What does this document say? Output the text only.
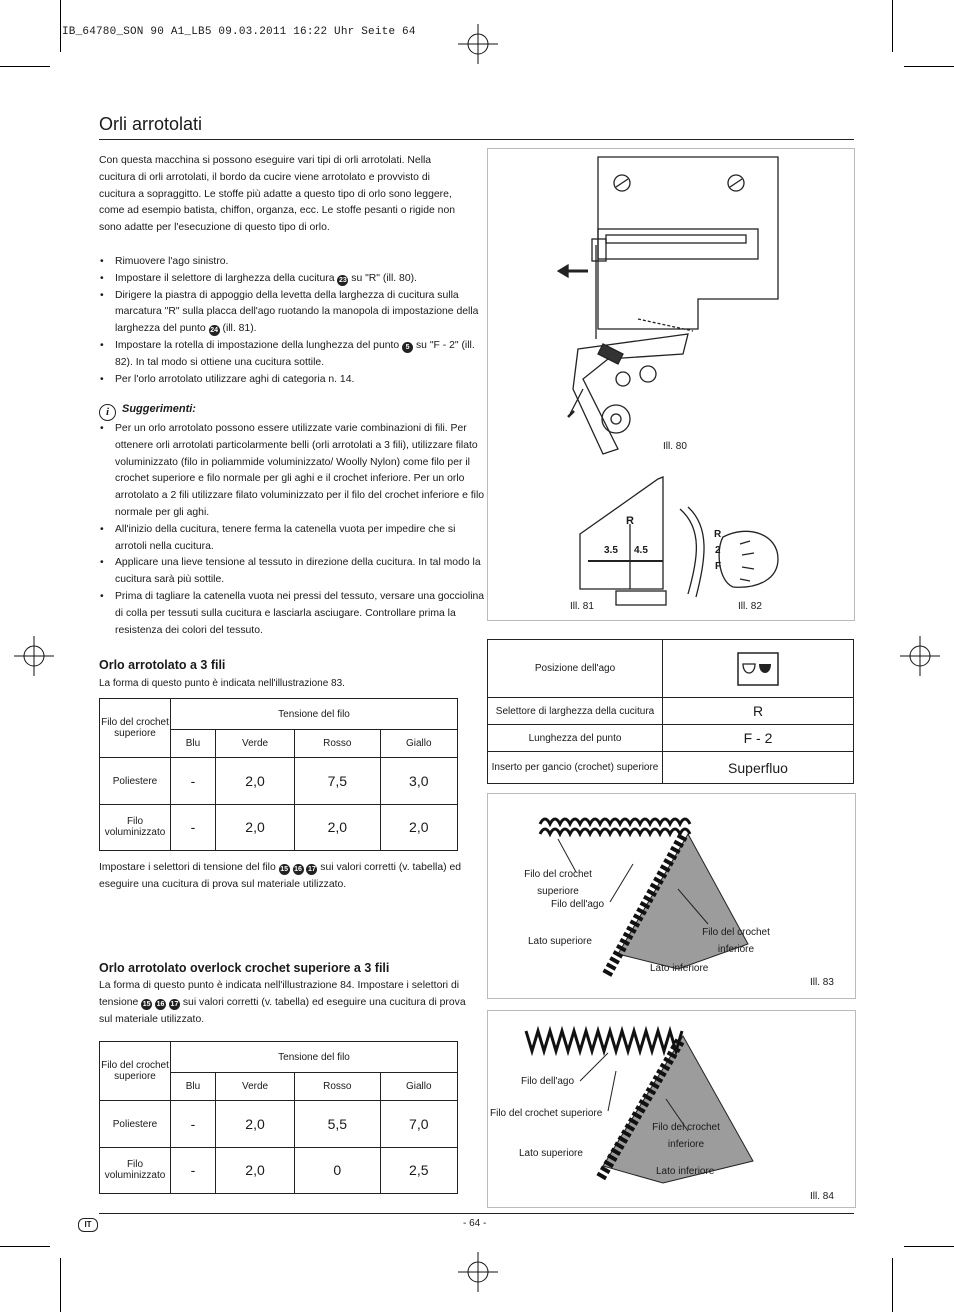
IB_64780_SON 90 A1_LB5 09.03.2011 16:22 Uhr Seite 64
Orli arrotolati
Con questa macchina si possono eseguire vari tipi di orli arrotolati. Nella cucitura di orli arrotolati, il bordo da cucire viene arrotolato e provvisto di cucitura a sopraggitto. Le stoffe più adatte a questo tipo di orlo sono leggere, come ad esempio batista, chiffon, organza, ecc. Le stoffe pesanti o rigide non sono adatte per l'esecuzione di questo tipo di orlo.
• Rimuovere l'ago sinistro.
• Impostare il selettore di larghezza della cucitura 23 su "R" (ill. 80).
• Dirigere la piastra di appoggio della levetta della larghezza di cucitura sulla marcatura "R" sulla placca dell'ago ruotando la manopola di impostazione della larghezza del punto 24 (ill. 81).
• Impostare la rotella di impostazione della lunghezza del punto 5 su "F - 2" (ill. 82). In tal modo si ottiene una cucitura sottile.
• Per l'orlo arrotolato utilizzare aghi di categoria n. 14.
i Suggerimenti:
• Per un orlo arrotolato possono essere utilizzate varie combinazioni di fili. Per ottenere orli arrotolati particolarmente belli (orli arrotolati a 3 fili), utilizzare filato voluminizzato (filo in poliammide voluminizzato/ Woolly Nylon) come filo per il crochet superiore e filo normale per gli aghi e il crochet inferiore. Per un orlo arrotolato a 2 fili utilizzare filato voluminizzato per il filo del crochet inferiore e filo normale per gli aghi.
• All'inizio della cucitura, tenere ferma la catenella vuota per impedire che si arrotoli nella cucitura.
• Applicare una lieve tensione al tessuto in direzione della cucitura. In tal modo la cucitura sarà più sottile.
• Prima di tagliare la catenella vuota nei pressi del tessuto, versare una gocciolina di colla per tessuti sulla cucitura e lasciarla asciugare. Controllare prima la resistenza dei colori del tessuto.
Orlo arrotolato a 3 fili
La forma di questo punto è indicata nell'illustrazione 83.
Filo del crochet superiore	Tensione del filo			
	Blu	Verde	Rosso	Giallo
Poliestere	-	2,0	7,5	3,0
Filo voluminizzato	-	2,0	2,0	2,0
Impostare i selettori di tensione del filo 15 16 17 sui valori corretti (v. tabella) ed eseguire una cucitura di prova sul materiale utilizzato.
Orlo arrotolato overlock crochet superiore a 3 fili
La forma di questo punto è indicata nell'illustrazione 84. Impostare i selettori di tensione 15 16 17 sui valori corretti (v. tabella) ed eseguire una cucitura di prova sul materiale utilizzato.
Filo del crochet superiore	Tensione del filo			
	Blu	Verde	Rosso	Giallo
Poliestere	-	2,0	5,5	7,0
Filo voluminizzato	-	2,0	0	2,5
Ill. 80
R
3.5 4.5
R
2
F
Ill. 81	Ill. 82
Posizione dell'ago	

Selettore di larghezza della cucitura	R
Lunghezza del punto	F - 2
Inserto per gancio (crochet) superiore	Superfluo
Filo del crochet superiore
Filo dell'ago
Lato superiore
Filo del crochet inferiore
Lato inferiore
Ill. 83
Filo dell'ago
Filo del crochet superiore
Lato superiore
Filo del crochet inferiore
Lato inferiore
Ill. 84
IT	- 64 -
